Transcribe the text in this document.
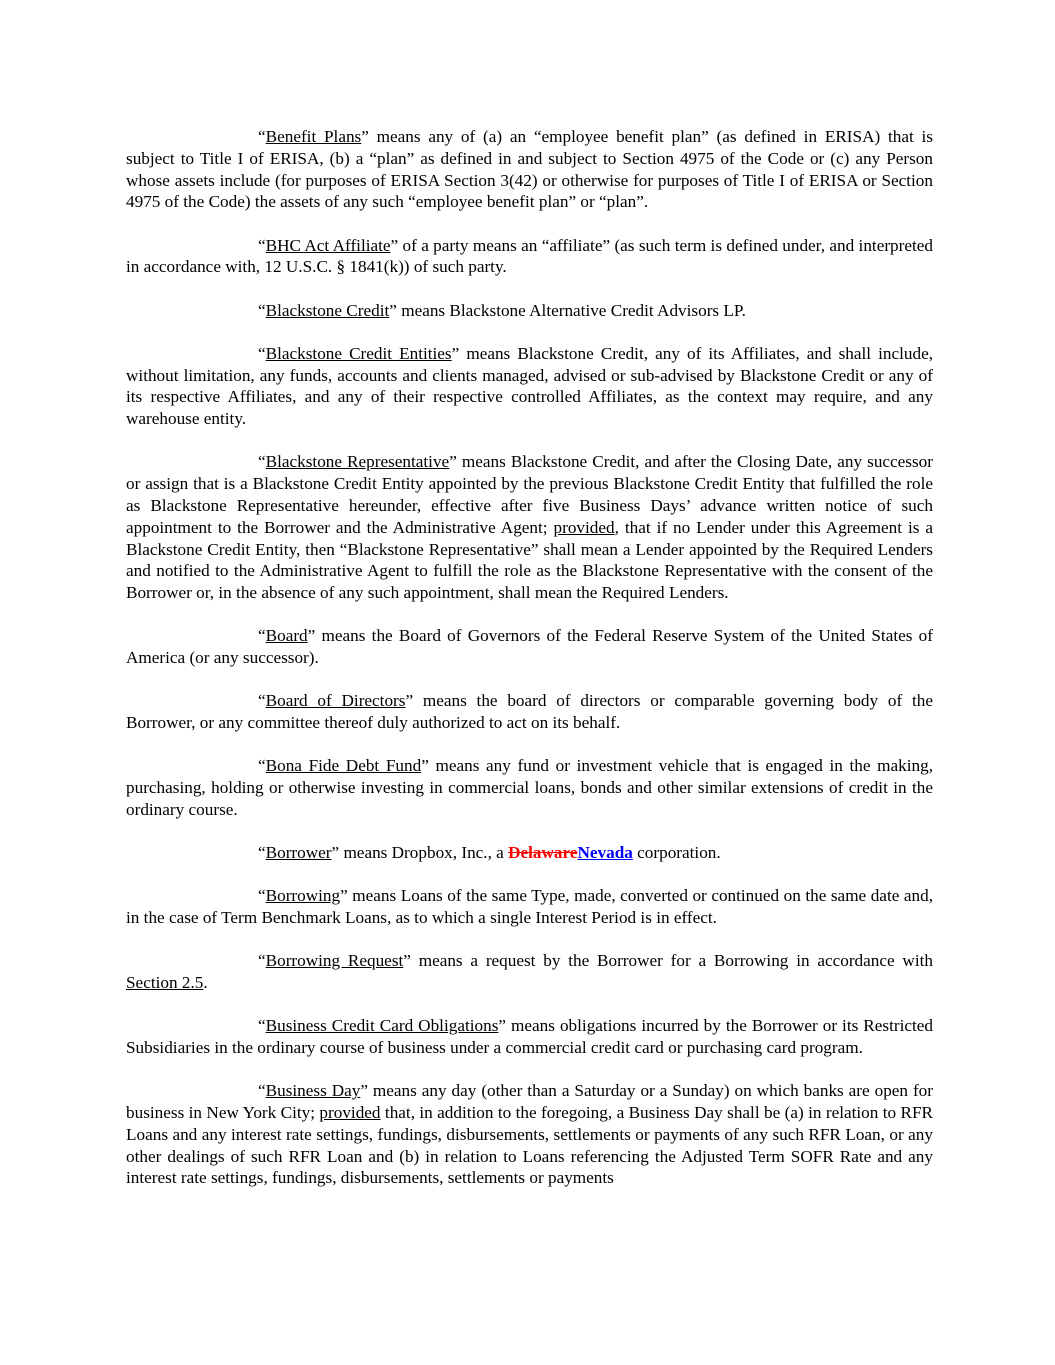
“Benefit Plans” means any of (a) an “employee benefit plan” (as defined in ERISA) that is subject to Title I of ERISA, (b) a “plan” as defined in and subject to Section 4975 of the Code or (c) any Person whose assets include (for purposes of ERISA Section 3(42) or otherwise for purposes of Title I of ERISA or Section 4975 of the Code) the assets of any such “employee benefit plan” or “plan”.

“BHC Act Affiliate” of a party means an “affiliate” (as such term is defined under, and interpreted in accordance with, 12 U.S.C. § 1841(k)) of such party.

“Blackstone Credit” means Blackstone Alternative Credit Advisors LP.

“Blackstone Credit Entities” means Blackstone Credit, any of its Affiliates, and shall include, without limitation, any funds, accounts and clients managed, advised or sub-advised by Blackstone Credit or any of its respective Affiliates, and any of their respective controlled Affiliates, as the context may require, and any warehouse entity.

“Blackstone Representative” means Blackstone Credit, and after the Closing Date, any successor or assign that is a Blackstone Credit Entity appointed by the previous Blackstone Credit Entity that fulfilled the role as Blackstone Representative hereunder, effective after five Business Days’ advance written notice of such appointment to the Borrower and the Administrative Agent; provided, that if no Lender under this Agreement is a Blackstone Credit Entity, then “Blackstone Representative” shall mean a Lender appointed by the Required Lenders and notified to the Administrative Agent to fulfill the role as the Blackstone Representative with the consent of the Borrower or, in the absence of any such appointment, shall mean the Required Lenders.

“Board” means the Board of Governors of the Federal Reserve System of the United States of America (or any successor).

“Board of Directors” means the board of directors or comparable governing body of the Borrower, or any committee thereof duly authorized to act on its behalf.

“Bona Fide Debt Fund” means any fund or investment vehicle that is engaged in the making, purchasing, holding or otherwise investing in commercial loans, bonds and other similar extensions of credit in the ordinary course.

“Borrower” means Dropbox, Inc., a DelawareNevada corporation.

“Borrowing” means Loans of the same Type, made, converted or continued on the same date and, in the case of Term Benchmark Loans, as to which a single Interest Period is in effect.

“Borrowing Request” means a request by the Borrower for a Borrowing in accordance with Section 2.5.

“Business Credit Card Obligations” means obligations incurred by the Borrower or its Restricted Subsidiaries in the ordinary course of business under a commercial credit card or purchasing card program.

“Business Day” means any day (other than a Saturday or a Sunday) on which banks are open for business in New York City; provided that, in addition to the foregoing, a Business Day shall be (a) in relation to RFR Loans and any interest rate settings, fundings, disbursements, settlements or payments of any such RFR Loan, or any other dealings of such RFR Loan and (b) in relation to Loans referencing the Adjusted Term SOFR Rate and any interest rate settings, fundings, disbursements, settlements or payments
